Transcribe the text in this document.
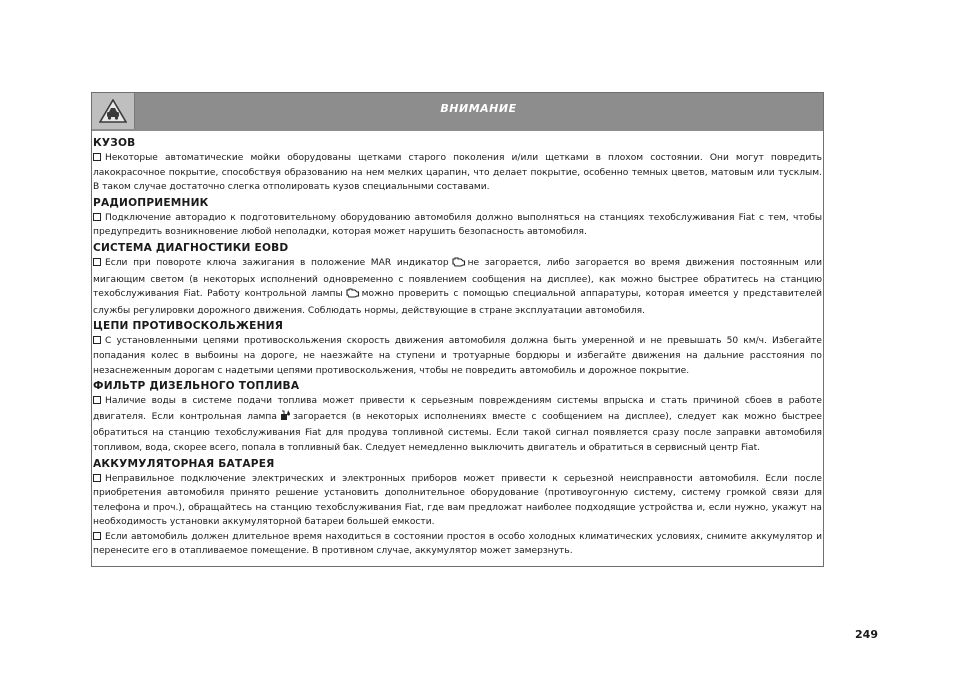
ВНИМАНИЕ
КУЗОВ

Некоторые автоматические мойки оборудованы щетками старого поколения и/или щетками в плохом состоянии. Они могут повредить лакокрасочное покрытие, способствуя образованию на нем мелких царапин, что делает покрытие, особенно темных цветов, матовым или тусклым. В таком случае достаточно слегка отполировать кузов специальными составами.

РАДИОПРИЕМНИК

Подключение авторадио к подготовительному оборудованию автомобиля должно выполняться на станциях техобслуживания Fiat с тем, чтобы предупредить возникновение любой неполадки, которая может нарушить безопасность автомобиля.

СИСТЕМА ДИАГНОСТИКИ EOBD

Если при повороте ключа зажигания в положение MAR индикатор не загорается, либо загорается во время движения постоянным или мигающим светом (в некоторых исполнений одновременно с появлением сообщения на дисплее), как можно быстрее обратитесь на станцию техобслуживания Fiat. Работу контрольной лампы можно проверить с помощью специальной аппаратуры, которая имеется у представителей службы регулировки дорожного движения. Соблюдать нормы, действующие в стране эксплуатации автомобиля.

ЦЕПИ ПРОТИВОСКОЛЬЖЕНИЯ

С установленными цепями противоскольжения скорость движения автомобиля должна быть умеренной и не превышать 50 км/ч. Избегайте попадания колес в выбоины на дороге, не наезжайте на ступени и тротуарные бордюры и избегайте движения на дальние расстояния по незаснеженным дорогам с надетыми цепями противоскольжения, чтобы не повредить автомобиль и дорожное покрытие.

ФИЛЬТР ДИЗЕЛЬНОГО ТОПЛИВА

Наличие воды в системе подачи топлива может привести к серьезным повреждениям системы впрыска и стать причиной сбоев в работе двигателя. Если контрольная лампа загорается (в некоторых исполнениях вместе с сообщением на дисплее), следует как можно быстрее обратиться на станцию техобслуживания Fiat для продува топливной системы. Если такой сигнал появляется сразу после заправки автомобиля топливом, вода, скорее всего, попала в топливный бак. Следует немедленно выключить двигатель и обратиться в сервисный центр Fiat.

АККУМУЛЯТОРНАЯ БАТАРЕЯ

Неправильное подключение электрических и электронных приборов может привести к серьезной неисправности автомобиля. Если после приобретения автомобиля принято решение установить дополнительное оборудование (противоугонную систему, систему громкой связи для телефона и проч.), обращайтесь на станцию техобслуживания Fiat, где вам предложат наиболее подходящие устройства и, если нужно, укажут на необходимость установки аккумуляторной батареи большей емкости.

Если автомобиль должен длительное время находиться в состоянии простоя в особо холодных климатических условиях, снимите аккумулятор и перенесите его в отапливаемое помещение. В противном случае, аккумулятор может замерзнуть.

249
